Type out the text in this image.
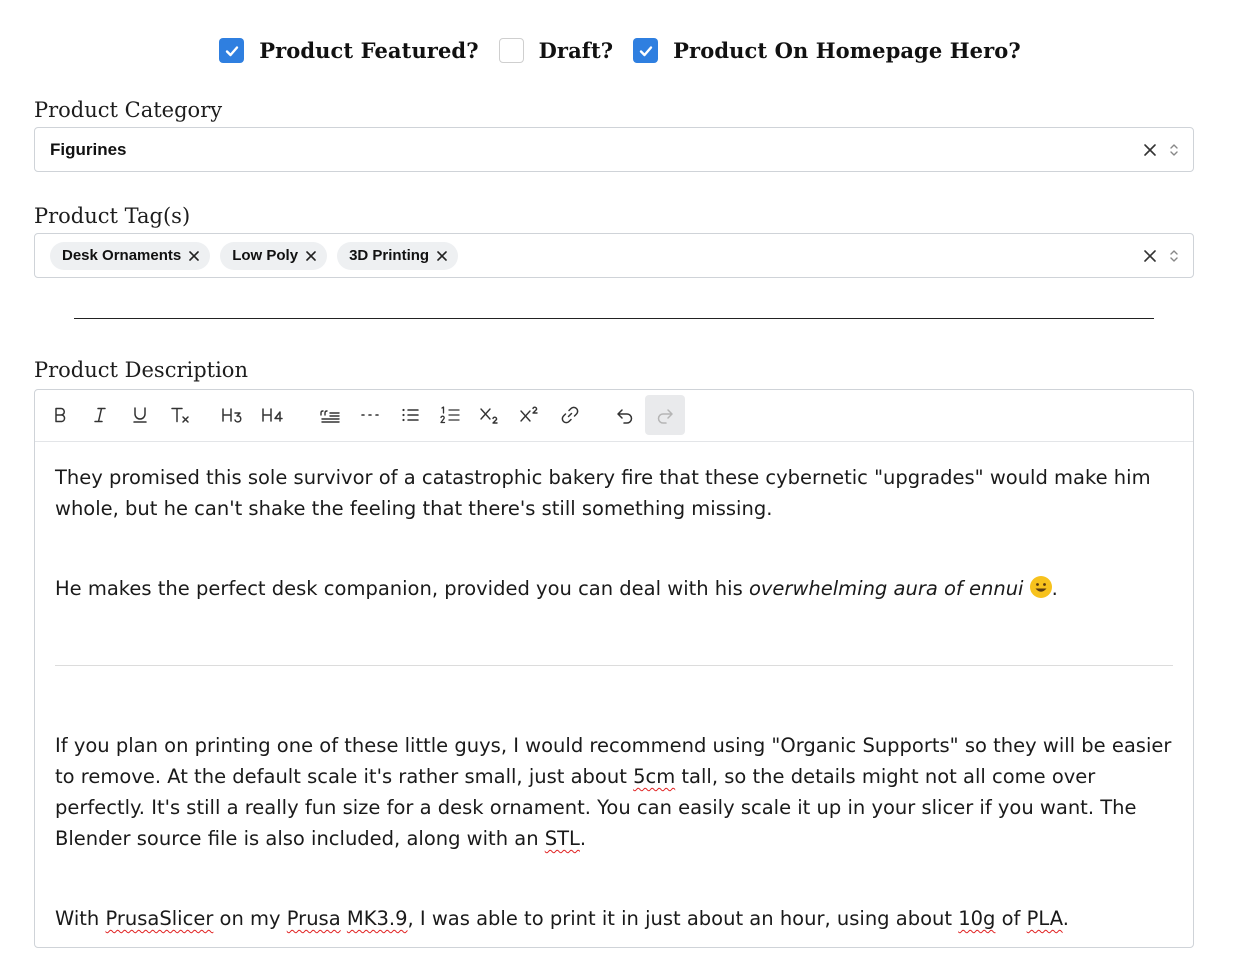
Product Featured?	Draft?	Product On Homepage Hero?
Product Category
Figurines
Product Tag(s)
Desk Ornaments	Low Poly	3D Printing
Product Description

They promised this sole survivor of a catastrophic bakery fire that these cybernetic "upgrades" would make him whole, but he can't shake the feeling that there's still something missing.

He makes the perfect desk companion, provided you can deal with his overwhelming aura of ennui .

If you plan on printing one of these little guys, I would recommend using "Organic Supports" so they will be easier to remove. At the default scale it's rather small, just about 5cm tall, so the details might not all come over perfectly. It's still a really fun size for a desk ornament. You can easily scale it up in your slicer if you want. The Blender source file is also included, along with an STL.

With PrusaSlicer on my Prusa MK3.9, I was able to print it in just about an hour, using about 10g of PLA.
